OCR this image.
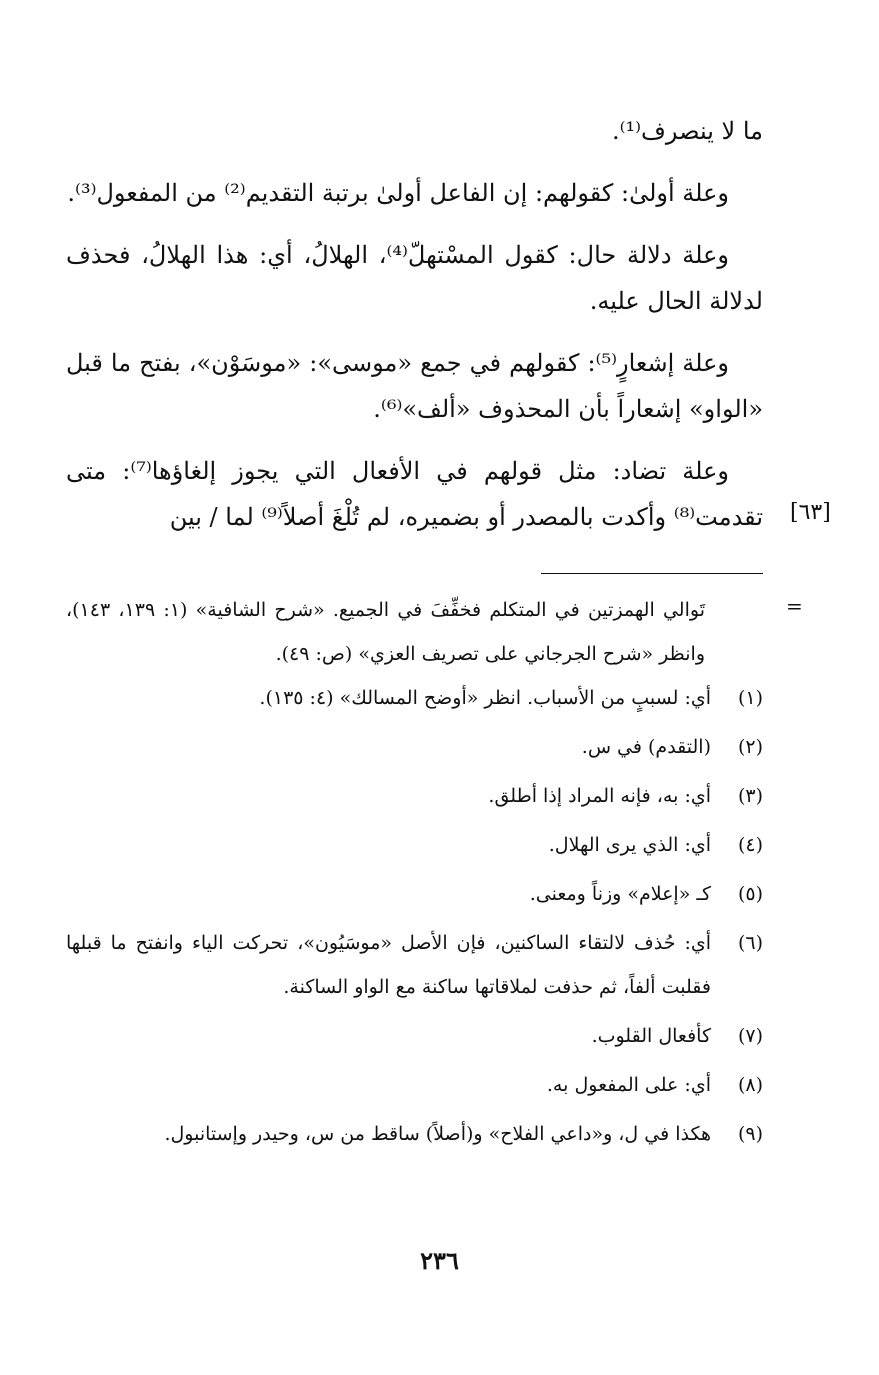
ما لا ينصرف⁽¹⁾.

وعلة أولىٰ: كقولهم: إن الفاعل أولىٰ برتبة التقديم⁽²⁾ من المفعول⁽³⁾.

وعلة دلالة حال: كقول المسْتهلّ⁽⁴⁾، الهلالُ، أي: هذا الهلالُ، فحذف لدلالة الحال عليه.

وعلة إشعارٍ⁽⁵⁾: كقولهم في جمع «موسى»: «موسَوْن»، بفتح ما قبل «الواو» إشعاراً بأن المحذوف «ألف»⁽⁶⁾.

وعلة تضاد: مثل قولهم في الأفعال التي يجوز إلغاؤها⁽⁷⁾: متى تقدمت⁽⁸⁾ وأكدت بالمصدر أو بضميره، لم تُلْغَ أصلاً⁽⁹⁾ لما / بين [٦٣]
=

تَوالي الهمزتين في المتكلم فخفِّفَ في الجميع. «شرح الشافية» (١: ١٣٩، ١٤٣)، وانظر «شرح الجرجاني على تصريف العزي» (ص: ٤٩).

(١)
أي: لسببٍ من الأسباب. انظر «أوضح المسالك» (٤: ١٣٥).
(٢)
(التقدم) في س.
(٣)
أي: به، فإنه المراد إذا أطلق.
(٤)
أي: الذي يرى الهلال.
(٥)
كـ «إعلام» وزناً ومعنى.
(٦)
أي: حُذف لالتقاء الساكنين، فإن الأصل «موسَيُون»، تحركت الياء وانفتح ما قبلها فقلبت ألفاً، ثم حذفت لملاقاتها ساكنة مع الواو الساكنة.
(٧)
كأفعال القلوب.
(٨)
أي: على المفعول به.
(٩)
هكذا في ل، و«داعي الفلاح» و(أصلاً) ساقط من س، وحيدر وإستانبول.
٢٣٦
